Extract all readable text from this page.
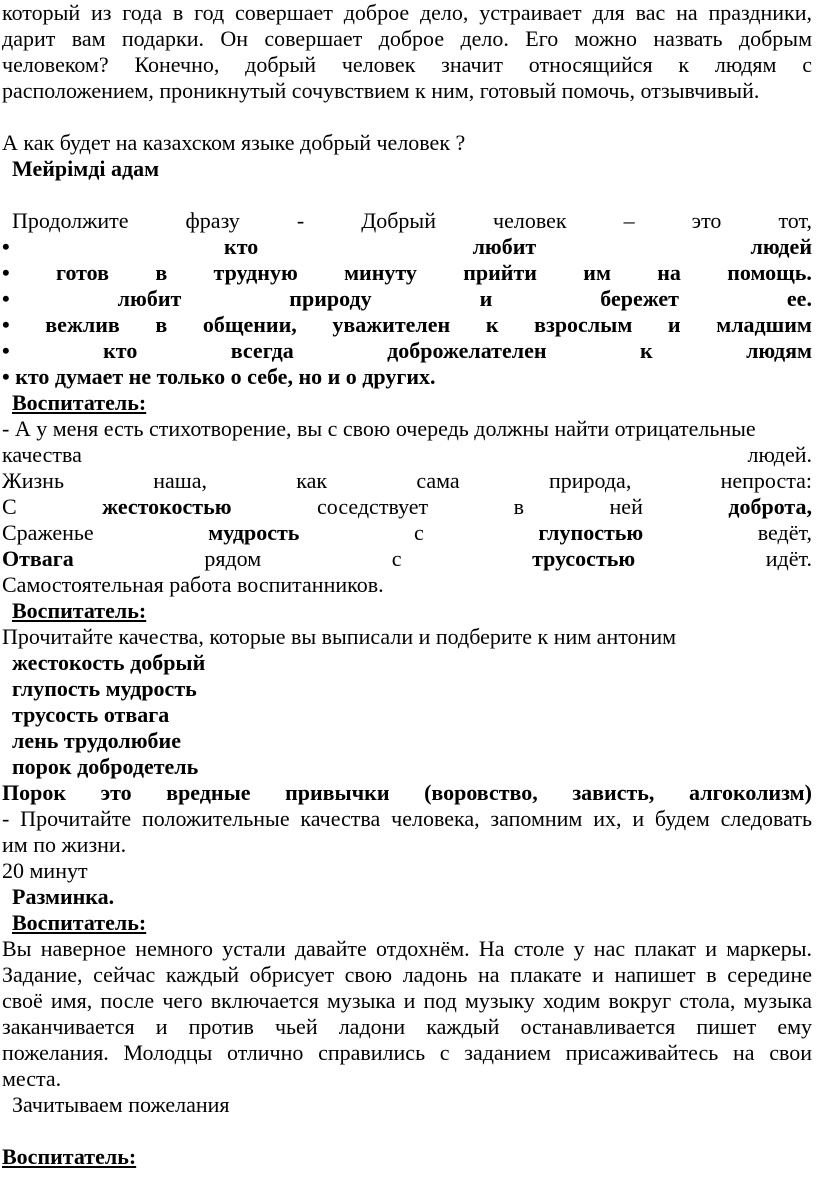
который из года в год совершает доброе дело, устраивает для вас на праздники,

дарит вам подарки. Он совершает доброе дело. Его можно назвать добрым

человеком? Конечно, добрый человек значит относящийся к людям с

расположением, проникнутый сочувствием к ним, готовый помочь, отзывчивый.

А как будет на казахском языке добрый человек ?

Мейрімді адам

Продолжите	фразу	-	Добрый	человек	–	это	тот,
•	кто	любит	людей
• готов в трудную минуту прийти им на помощь.
•	любит	природу	и	бережет	ее.
• вежлив в общении, уважителен к взрослым и младшим
•	кто	всегда	доброжелателен	к	людям

• кто думает не только о себе, но и о других.

Воспитатель:

- А у меня есть стихотворение, вы с свою очередь должны найти отрицательные

качества	людей.
Жизнь	наша,	как	сама	природа,	непроста:
С	жестокостью	соседствует	в	ней	доброта,
Сраженье	мудрость	с	глупостью	ведёт,
Отвага	рядом	с	трусостью	идёт.

Самостоятельная работа воспитанников.

Воспитатель:

Прочитайте качества, которые вы выписали и подберите к ним антоним

жестокость добрый

глупость мудрость

трусость отвага

лень трудолюбие

порок добродетель

Порок это вредные привычки (воровство, зависть, алгоколизм)

- Прочитайте положительные качества человека, запомним их, и будем следовать

им по жизни.

20 минут

Разминка.

Воспитатель:

Вы наверное немного устали давайте отдохнём. На столе у нас плакат и маркеры.

Задание, сейчас каждый обрисует свою ладонь на плакате и напишет в середине

своё имя, после чего включается музыка и под музыку ходим вокруг стола, музыка

заканчивается и против чьей ладони каждый останавливается пишет ему

пожелания. Молодцы отлично справились с заданием присаживайтесь на свои

места.

Зачитываем пожелания

Воспитатель:
